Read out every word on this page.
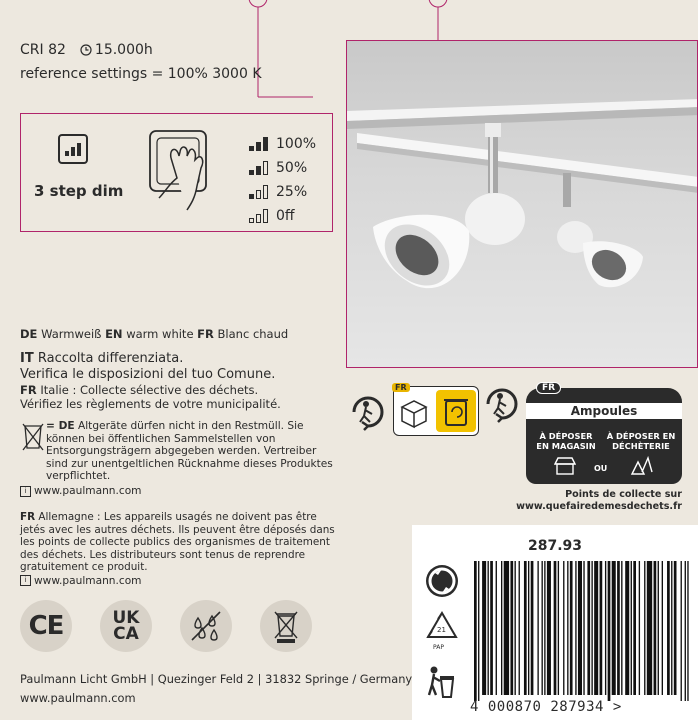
CRI 82 15.000h
reference settings = 100% 3000 K
3 step dim
100%
50%
25%
0ff
DE Warmweiß EN warm white FR Blanc chaud
IT Raccolta differenziata.
Verifica le disposizioni del tuo Comune.
FR Italie : Collecte sélective des déchets.
Vérifiez les règlements de votre municipalité.
= DE Altgeräte dürfen nicht in den Restmüll. Sie können bei öffentlichen Sammelstellen von Entsorgungsträgern abgegeben werden. Vertreiber sind zur unentgeltlichen Rücknahme dieses Produktes verpflichtet.
i www.paulmann.com
FR Allemagne : Les appareils usagés ne doivent pas être jetés avec les autres déchets. Ils peuvent être déposés dans les points de collecte publics des organismes de traitement des déchets. Les distributeurs sont tenus de reprendre gratuitement ce produit.
i www.paulmann.com
FR	FR
Ampoules
À DÉPOSER EN MAGASIN
À DÉPOSER EN DÉCHÈTERIE
OU
Points de collecte sur
www.quefairedemesdechets.fr
CE	UK
CA
Paulmann Licht GmbH | Quezinger Feld 2 | 31832 Springe / Germany
www.paulmann.com
287.93
21
PAP
4 000870 287934 >
